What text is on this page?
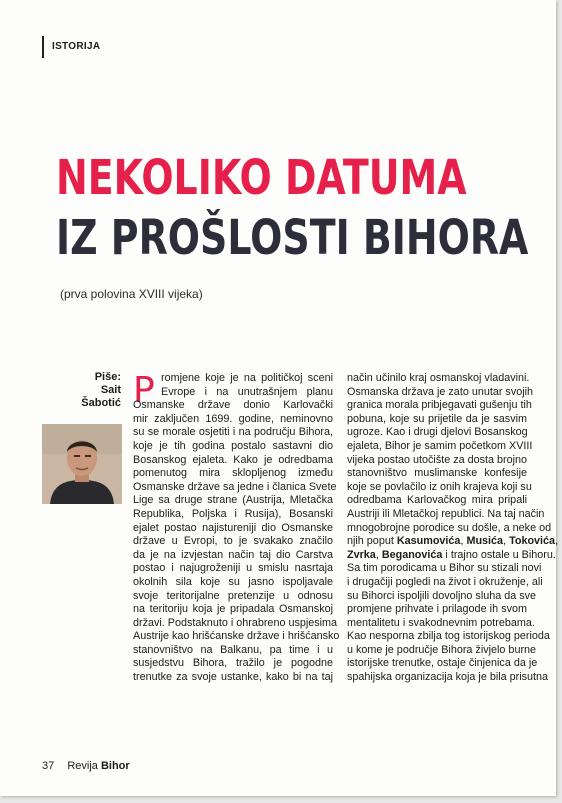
ISTORIJA
NEKOLIKO DATUMA
IZ PROŠLOSTI BIHORA
(prva polovina XVIII vijeka)
Piše:
Sait
Šabotić P romjene koje je na političkoj sceni
Evrope i na unutrašnjem planu
Osmanske države donio Karlovački
mir zaključen 1699. godine, neminovno
su se morale osjetiti i na području Bihora,
koje je tih godina postalo sastavni dio
Bosanskog ejaleta. Kako je odredbama
pomenutog mira sklopljenog između
Osmanske države sa jedne i članica Svete
Lige sa druge strane (Austrija, Mletačka
Republika, Poljska i Rusija), Bosanski
ejalet postao najistureniji dio Osmanske
države u Evropi, to je svakako značilo
da je na izvjestan način taj dio Carstva
postao i najugroženiji u smislu nasrtaja
okolnih sila koje su jasno ispoljavale
svoje teritorijalne pretenzije u odnosu
na teritoriju koja je pripadala Osmanskoj
državi. Podstaknuto i ohrabreno uspjesima
Austrije kao hrišćanske države i hrišćansko
stanovništvo na Balkanu, pa time i u
susjedstvu Bihora, tražilo je pogodne
trenutke za svoje ustanke, kako bi na taj
način učinilo kraj osmanskoj vladavini.
Osmanska država je zato unutar svojih
granica morala pribjegavati gušenju tih
pobuna, koje su prijetile da je sasvim
ugroze. Kao i drugi djelovi Bosanskog
ejaleta, Bihor je samim početkom XVIII
vijeka postao utočište za dosta brojno
stanovništvo muslimanske konfesije
koje se povlačilo iz onih krajeva koji su
odredbama Karlovačkog mira pripali
Austriji ili Mletačkoj republici. Na taj način
mnogobrojne porodice su došle, a neke od
njih poput Kasumovića, Musića, Tokovića,
Zvrka, Beganovića i trajno ostale u Bihoru.
Sa tim porodicama u Bihor su stizali novi
i drugačiji pogledi na život i okruženje, ali
su Bihorci ispoljili dovoljno sluha da sve
promjene prihvate i prilagode ih svom
mentalitetu i svakodnevnim potrebama.
Kao nesporna zbilja tog istorijskog perioda
u kome je područje Bihora živjelo burne
istorijske trenutke, ostaje činjenica da je
spahijska organizacija koja je bila prisutna
37 Revija Bihor
